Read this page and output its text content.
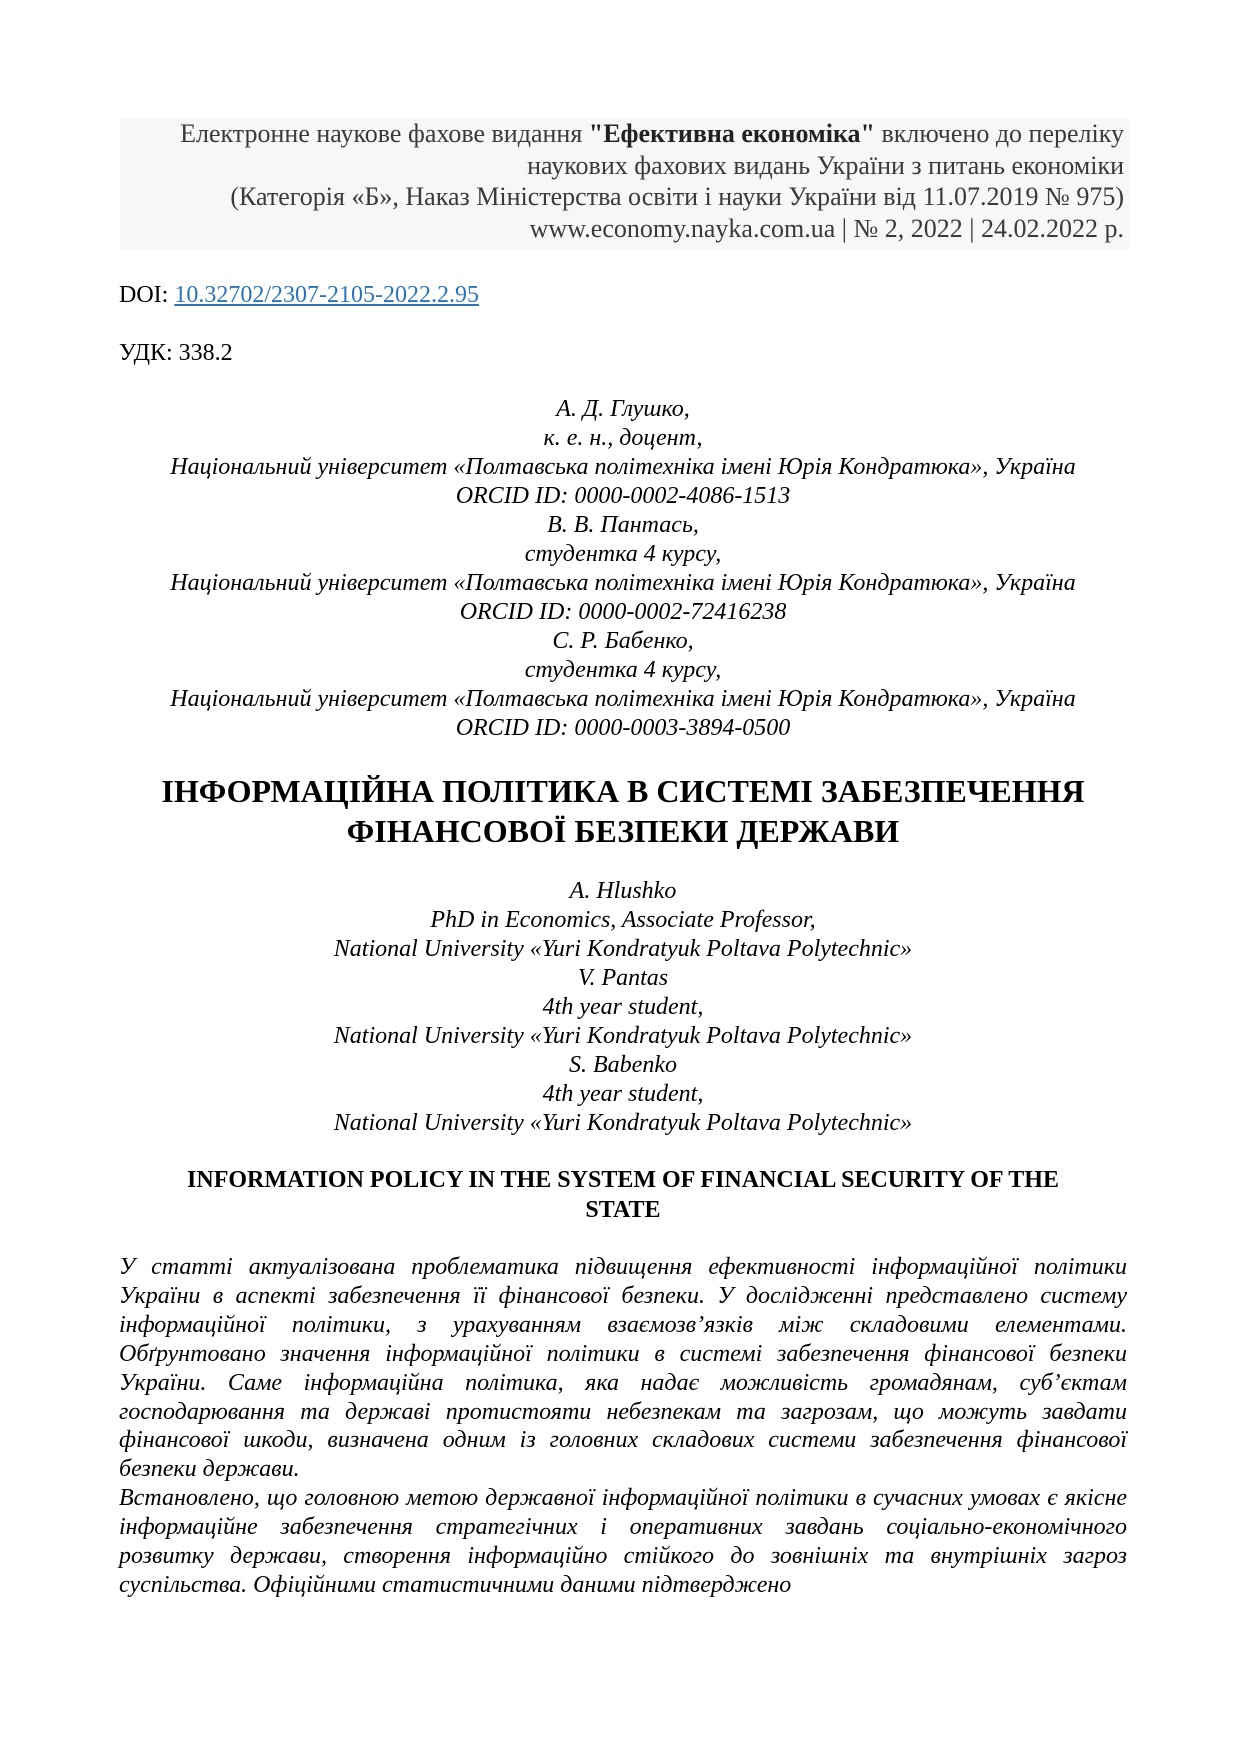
Електронне наукове фахове видання "Ефективна економіка" включено до переліку
наукових фахових видань України з питань економіки
(Категорія «Б», Наказ Міністерства освіти і науки України від 11.07.2019 № 975)
www.economy.nayka.com.ua | № 2, 2022 | 24.02.2022 р.
DOI: 10.32702/2307-2105-2022.2.95
УДК: 338.2
А. Д. Глушко,
к. е. н., доцент,
Національний університет «Полтавська політехніка імені Юрія Кондратюка», Україна
ORCID ID: 0000-0002-4086-1513
В. В. Пантась,
студентка 4 курсу,
Національний університет «Полтавська політехніка імені Юрія Кондратюка», Україна
ORCID ID: 0000-0002-72416238
С. Р. Бабенко,
студентка 4 курсу,
Національний університет «Полтавська політехніка імені Юрія Кондратюка», Україна
ORCID ID: 0000-0003-3894-0500
ІНФОРМАЦІЙНА ПОЛІТИКА В СИСТЕМІ ЗАБЕЗПЕЧЕННЯ
ФІНАНСОВОЇ БЕЗПЕКИ ДЕРЖАВИ
A. Hlushko
PhD in Economics, Associate Professor,
National University «Yuri Kondratyuk Poltava Polytechnic»
V. Pantas
4th year student,
National University «Yuri Kondratyuk Poltava Polytechnic»
S. Babenko
4th year student,
National University «Yuri Kondratyuk Poltava Polytechnic»
INFORMATION POLICY IN THE SYSTEM OF FINANCIAL SECURITY OF THE
STATE

У статті актуалізована проблематика підвищення ефективності інформаційної політики України в аспекті забезпечення її фінансової безпеки. У дослідженні представлено систему інформаційної політики, з урахуванням взаємозв’язків між складовими елементами. Обґрунтовано значення інформаційної політики в системі забезпечення фінансової безпеки України. Саме інформаційна політика, яка надає можливість громадянам, суб’єктам господарювання та державі протистояти небезпекам та загрозам, що можуть завдати фінансової шкоди, визначена одним із головних складових системи забезпечення фінансової безпеки держави.

Встановлено, що головною метою державної інформаційної політики в сучасних умовах є якісне інформаційне забезпечення стратегічних і оперативних завдань соціально-економічного розвитку держави, створення інформаційно стійкого до зовнішніх та внутрішніх загроз суспільства. Офіційними статистичними даними підтверджено
